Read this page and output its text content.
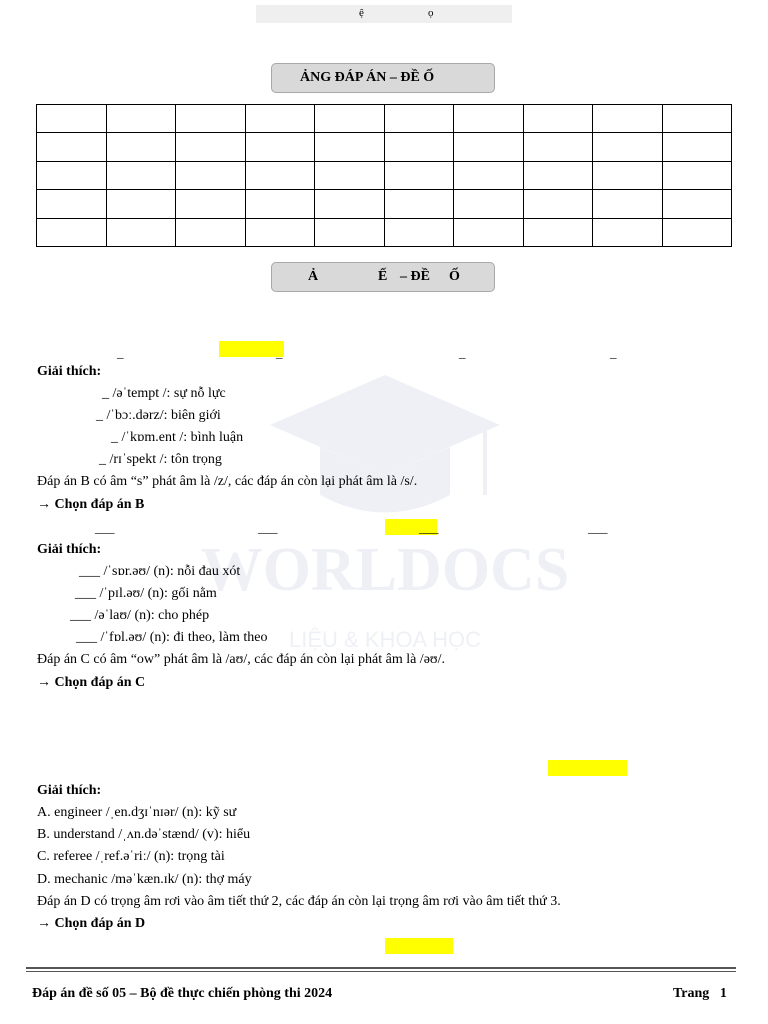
ệ	ọ
ẢNG ĐÁP ÁN – ĐỀ Ố

Ả	Ế – ĐỀ Ố
WORLDOCS
LIỆU & KHOA HỌC
_	_	_	_
Giải thích:
_ /əˈtempt /: sự nỗ lực
_ /ˈbɔː.dərz/: biên giới
_ /ˈkɒm.ent /: bình luận
_ /rɪˈspekt /: tôn trọng
Đáp án B có âm “s” phát âm là /z/, các đáp án còn lại phát âm là /s/.
→ Chọn đáp án B
___	___	___	___
Giải thích:
___ /ˈsɒr.əʊ/ (n): nỗi đau xót
___ /ˈpɪl.əʊ/ (n): gối nằm
___ /əˈlaʊ/ (n): cho phép
___ /ˈfɒl.əʊ/ (n): đi theo, làm theo
Đáp án C có âm “ow” phát âm là /aʊ/, các đáp án còn lại phát âm là /əʊ/.
→ Chọn đáp án C
Giải thích:
A. engineer /ˌen.dʒɪˈnɪər/ (n): kỹ sư
B. understand /ˌʌn.dəˈstænd/ (v): hiểu
C. referee /ˌref.əˈriː/ (n): trọng tài
D. mechanic /məˈkæn.ɪk/ (n): thợ máy
Đáp án D có trọng âm rơi vào âm tiết thứ 2, các đáp án còn lại trọng âm rơi vào âm tiết thứ 3.
→ Chọn đáp án D
Đáp án đề số 05 – Bộ đề thực chiến phòng thi 2024	Trang 1
